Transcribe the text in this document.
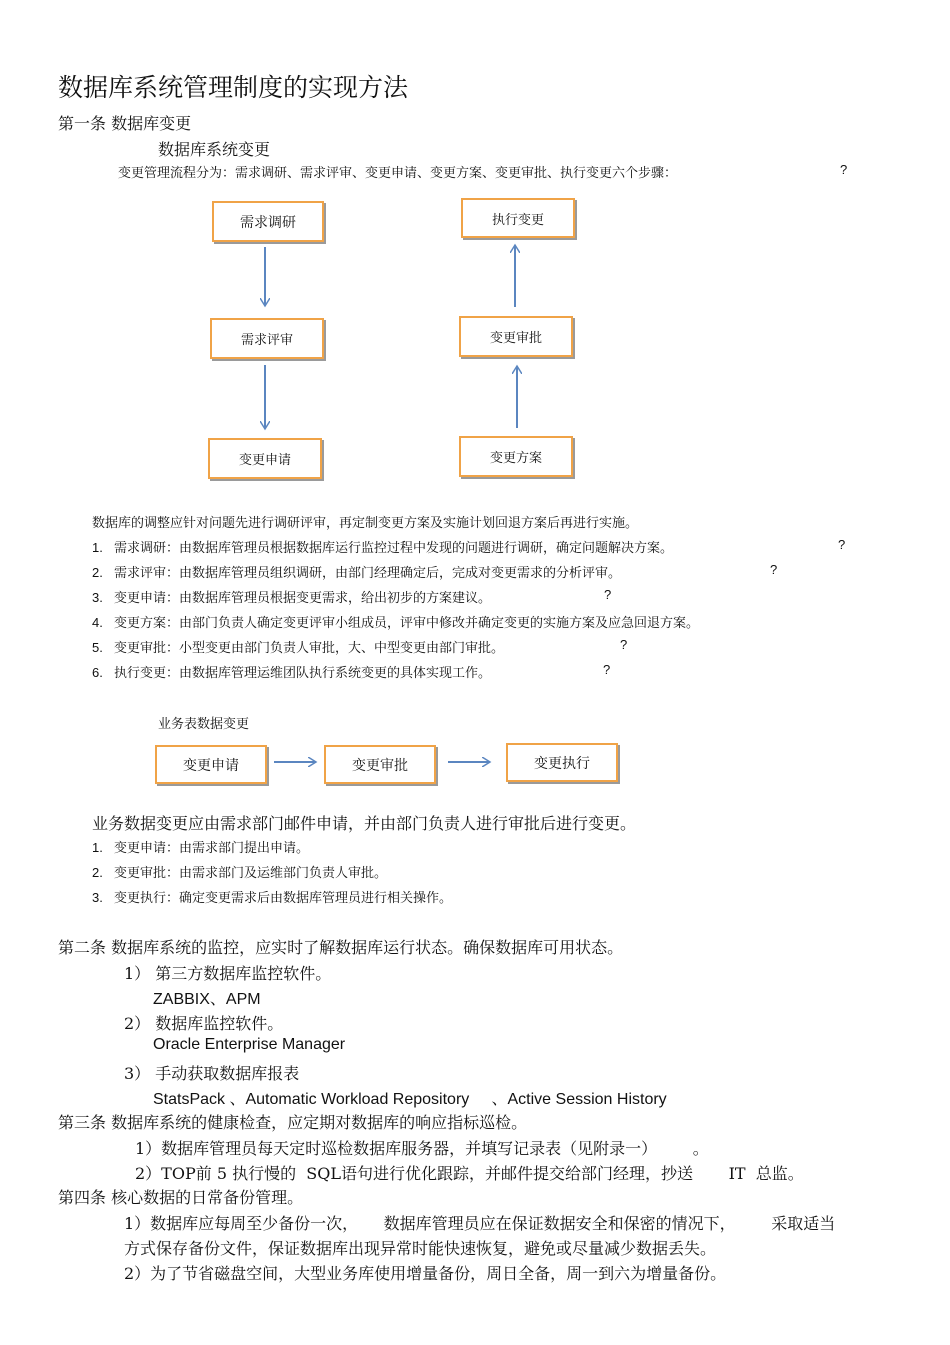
数据库系统管理制度的实现方法
第一条 数据库变更
数据库系统变更
变更管理流程分为：需求调研、需求评审、变更申请、变更方案、变更审批、执行变更六个步骤：	?
需求调研
需求评审
变更申请
执行变更
变更审批
变更方案
变更申请	变更审批	变更执行
数据库的调整应针对问题先进行调研评审，再定制变更方案及实施计划回退方案后再进行实施。
1. 需求调研：由数据库管理员根据数据库运行监控过程中发现的问题进行调研，确定问题解决方案。	?
2. 需求评审：由数据库管理员组织调研，由部门经理确定后，完成对变更需求的分析评审。	?
3. 变更申请：由数据库管理员根据变更需求，给出初步的方案建议。	?
4. 变更方案：由部门负责人确定变更评审小组成员，评审中修改并确定变更的实施方案及应急回退方案。
5. 变更审批：小型变更由部门负责人审批，大、中型变更由部门审批。	?
6. 执行变更：由数据库管理运维团队执行系统变更的具体实现工作。	?
业务表数据变更
业务数据变更应由需求部门邮件申请，并由部门负责人进行审批后进行变更。
1. 变更申请：由需求部门提出申请。
2. 变更审批：由需求部门及运维部门负责人审批。
3. 变更执行：确定变更需求后由数据库管理员进行相关操作。
第二条 数据库系统的监控，应实时了解数据库运行状态。确保数据库可用状态。
1） 第三方数据库监控软件。
ZABBIX、APM
2） 数据库监控软件。
Oracle Enterprise Manager
3） 手动获取数据库报表
StatsPack 、Automatic Workload Repository     、Active Session History
第三条 数据库系统的健康检查，应定期对数据库的响应指标巡检。
1）数据库管理员每天定时巡检数据库服务器，并填写记录表（见附录一）       。
2）TOP前 5 执行慢的  SQL语句进行优化跟踪，并邮件提交给部门经理，抄送       IT  总监。
第四条 核心数据的日常备份管理。
1）数据库应每周至少备份一次，     数据库管理员应在保证数据安全和保密的情况下，       采取适当
方式保存备份文件，保证数据库出现异常时能快速恢复，避免或尽量减少数据丢失。
2）为了节省磁盘空间，大型业务库使用增量备份，周日全备，周一到六为增量备份。
